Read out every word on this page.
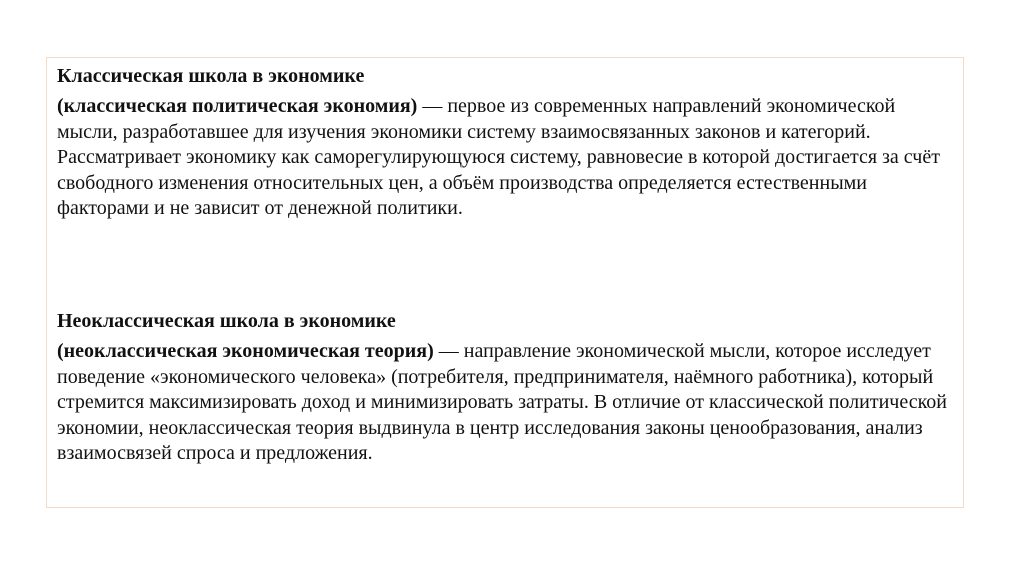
Классическая школа в экономике

(классическая политическая экономия) — первое из современных направлений экономической мысли, разработавшее для изучения экономики систему взаимосвязанных законов и категорий. Рассматривает экономику как саморегулирующуюся систему, равновесие в которой достигается за счёт свободного изменения относительных цен, а объём производства определяется естественными факторами и не зависит от денежной политики.

Неоклассическая школа в экономике

(неоклассическая экономическая теория) — направление экономической мысли, которое исследует поведение «экономического человека» (потребителя, предпринимателя, наёмного работника), который стремится максимизировать доход и минимизировать затраты. В отличие от классической политической экономии, неоклассическая теория выдвинула в центр исследования законы ценообразования, анализ взаимосвязей спроса и предложения.
